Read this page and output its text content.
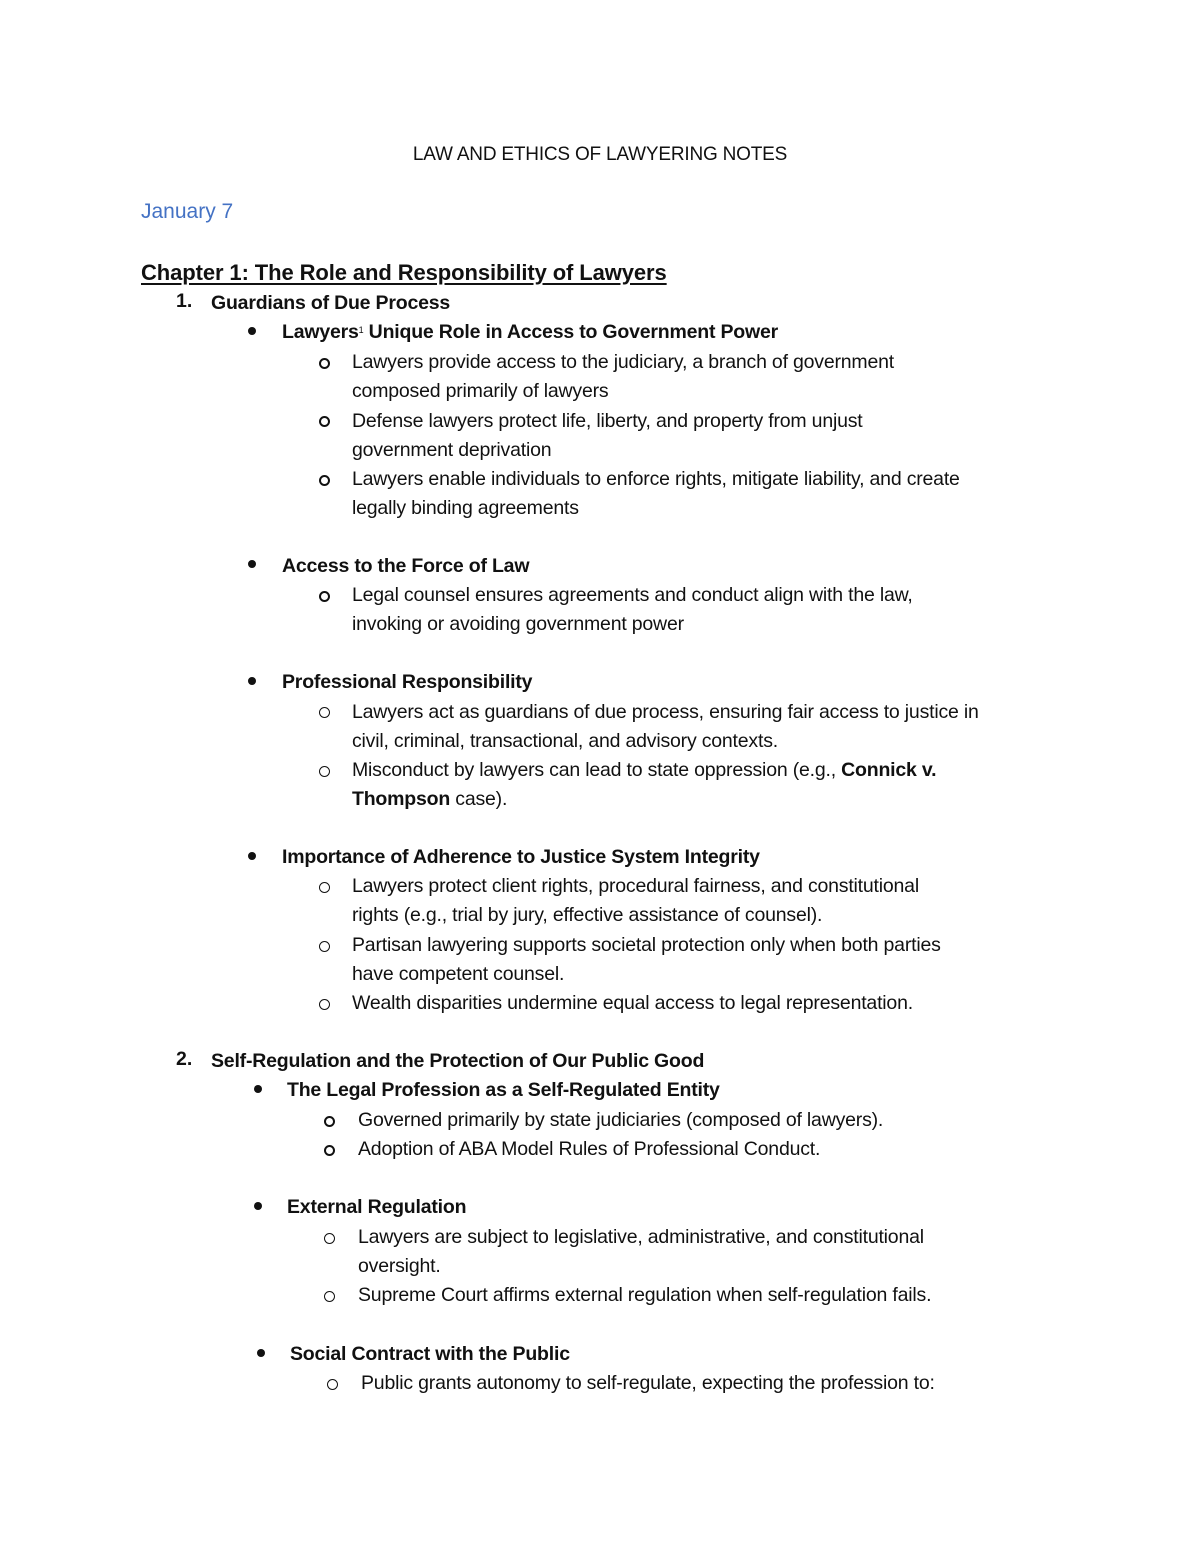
LAW AND ETHICS OF LAWYERING NOTES
January 7
Chapter 1: The Role and Responsibility of Lawyers
1. Guardians of Due Process
Lawyers$^1$ Unique Role in Access to Government Power
Lawyers provide access to the judiciary, a branch of government
composed primarily of lawyers
Defense lawyers protect life, liberty, and property from unjust
government deprivation
Lawyers enable individuals to enforce rights, mitigate liability, and create
legally binding agreements
Access to the Force of Law
Legal counsel ensures agreements and conduct align with the law,
invoking or avoiding government power
Professional Responsibility
Lawyers act as guardians of due process, ensuring fair access to justice in
civil, criminal, transactional, and advisory contexts.
Misconduct by lawyers can lead to state oppression (e.g., Connick v.
Thompson case).
Importance of Adherence to Justice System Integrity
Lawyers protect client rights, procedural fairness, and constitutional
rights (e.g., trial by jury, effective assistance of counsel).
Partisan lawyering supports societal protection only when both parties
have competent counsel.
Wealth disparities undermine equal access to legal representation.
2. Self-Regulation and the Protection of Our Public Good
The Legal Profession as a Self-Regulated Entity
Governed primarily by state judiciaries (composed of lawyers).
Adoption of ABA Model Rules of Professional Conduct.
External Regulation
Lawyers are subject to legislative, administrative, and constitutional
oversight.
Supreme Court affirms external regulation when self-regulation fails.
Social Contract with the Public
Public grants autonomy to self-regulate, expecting the profession to:
